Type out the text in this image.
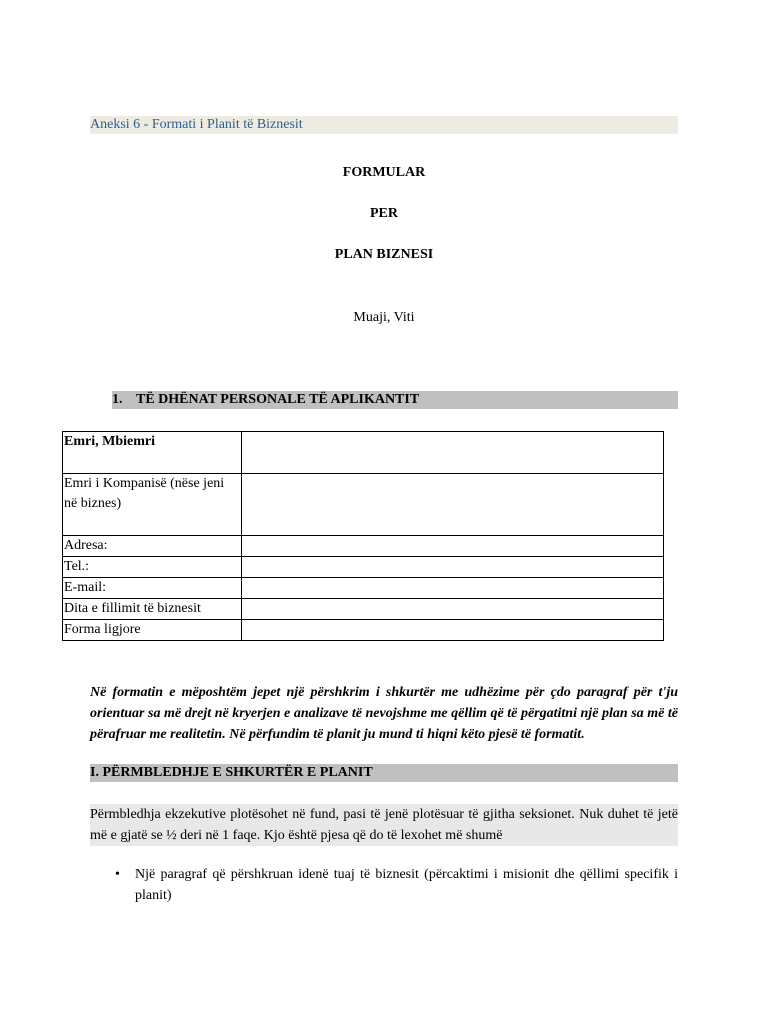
Aneksi 6 - Formati i Planit të Biznesit
FORMULAR
PER
PLAN BIZNESI
Muaji, Viti
1. TË DHËNAT PERSONALE TË APLIKANTIT
Emri, Mbiemri	
Emri i Kompanisë (nëse jeni në biznes)	
Adresa:	
Tel.:	
E-mail:	
Dita e fillimit të biznesit	
Forma ligjore	
Në formatin e mëposhtëm jepet një përshkrim i shkurtër me udhëzime për çdo paragraf për t'ju orientuar sa më drejt në kryerjen e analizave të nevojshme me qëllim që të përgatitni një plan sa më të përafruar me realitetin. Në përfundim të planit ju mund ti hiqni këto pjesë të formatit.
I. PËRMBLEDHJE E SHKURTËR E PLANIT
Përmbledhja ekzekutive plotësohet në fund, pasi të jenë plotësuar të gjitha seksionet. Nuk duhet të jetë më e gjatë se ½ deri në 1 faqe. Kjo është pjesa që do të lexohet më shumë
• Një paragraf që përshkruan idenë tuaj të biznesit (përcaktimi i misionit dhe qëllimi specifik i planit)
